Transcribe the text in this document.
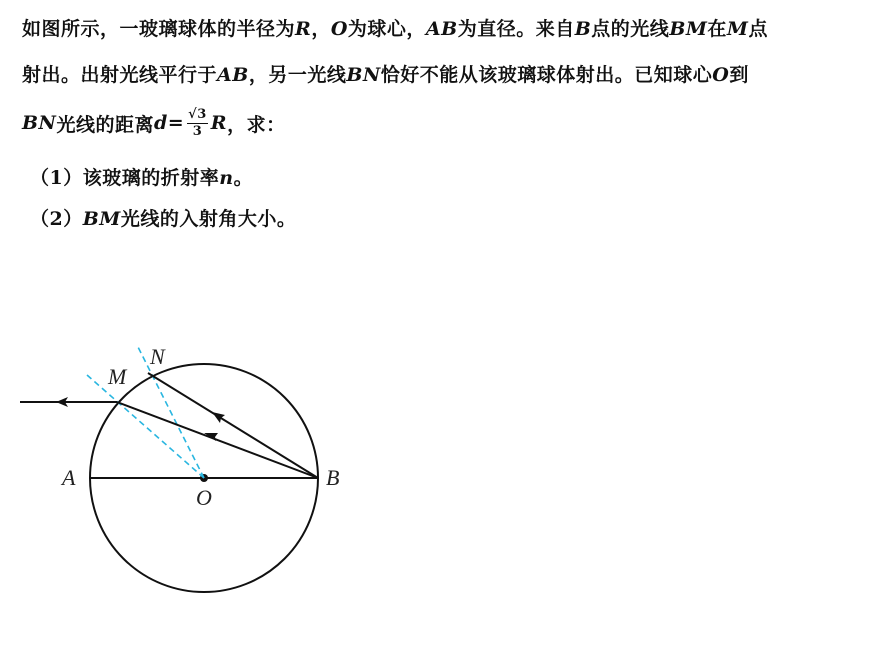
如图所示，一玻璃球体的半径为R，O为球心，AB为直径。来自B点的光线BM在M点
射出。出射光线平行于AB，另一光线BN恰好不能从该玻璃球体射出。已知球心O到
BN 光线的距离 $d = \frac{√3}{3}$ R ，求：
（1）该玻璃的折射率n。
（2）BM光线的入射角大小。
A	B
O
M
N
